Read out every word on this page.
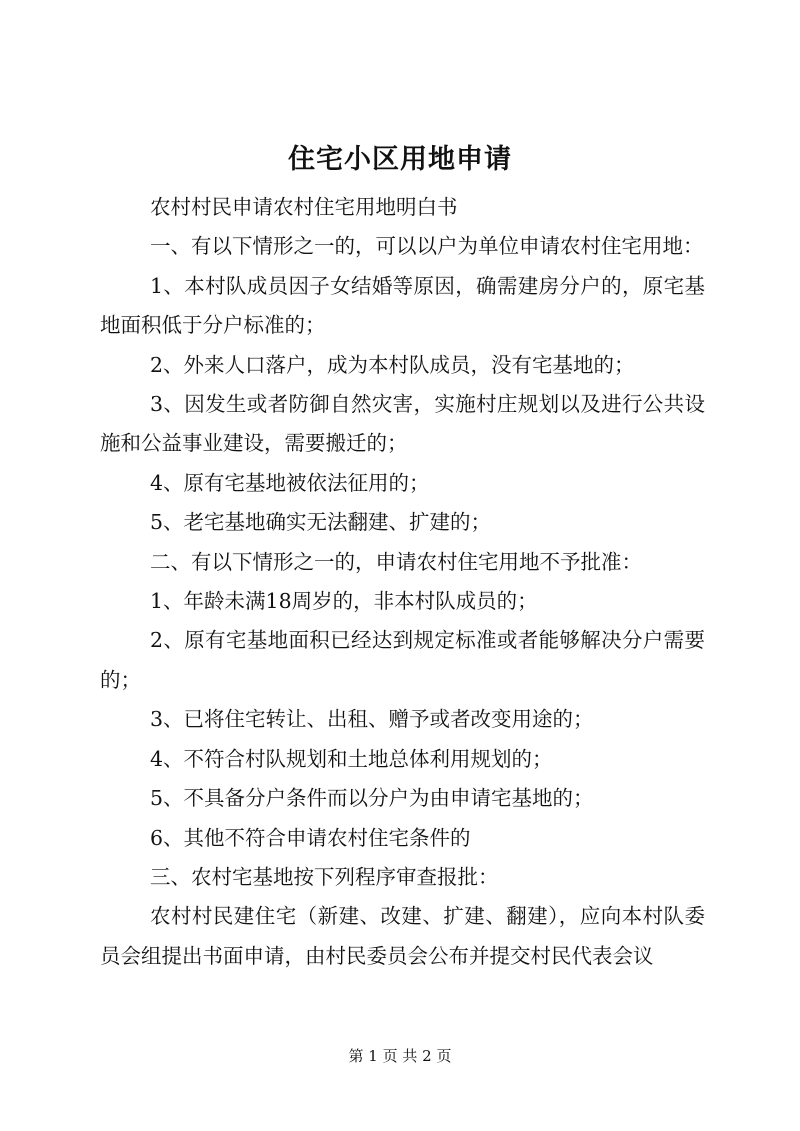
住宅小区用地申请

农村村民申请农村住宅用地明白书

一、有以下情形之一的，可以以户为单位申请农村住宅用地：

1、本村队成员因子女结婚等原因，确需建房分户的，原宅基地面积低于分户标准的；

2、外来人口落户，成为本村队成员，没有宅基地的；

3、因发生或者防御自然灾害，实施村庄规划以及进行公共设施和公益事业建设，需要搬迁的；

4、原有宅基地被依法征用的；

5、老宅基地确实无法翻建、扩建的；

二、有以下情形之一的，申请农村住宅用地不予批准：

1、年龄未满18周岁的，非本村队成员的；

2、原有宅基地面积已经达到规定标准或者能够解决分户需要的；

3、已将住宅转让、出租、赠予或者改变用途的；

4、不符合村队规划和土地总体利用规划的；

5、不具备分户条件而以分户为由申请宅基地的；

6、其他不符合申请农村住宅条件的

三、农村宅基地按下列程序审查报批：

农村村民建住宅（新建、改建、扩建、翻建），应向本村队委员会组提出书面申请，由村民委员会公布并提交村民代表会议

第 1 页 共 2 页
